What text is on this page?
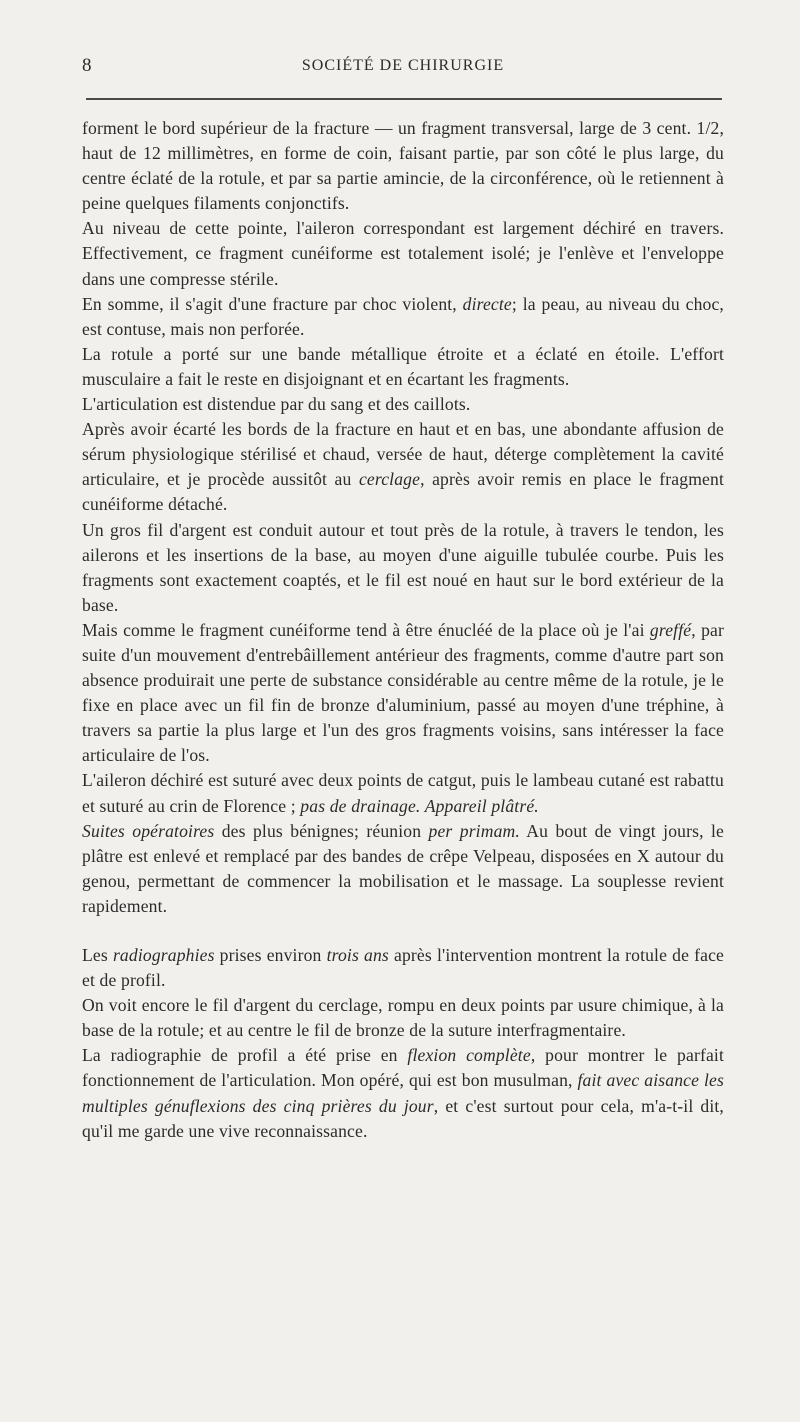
8	SOCIÉTÉ DE CHIRURGIE

forment le bord supérieur de la fracture — un fragment transversal, large de 3 cent. 1/2, haut de 12 millimètres, en forme de coin, faisant partie, par son côté le plus large, du centre éclaté de la rotule, et par sa partie amincie, de la circonférence, où le retiennent à peine quelques filaments conjonctifs.

Au niveau de cette pointe, l'aileron correspondant est largement déchiré en travers. Effectivement, ce fragment cunéiforme est totalement isolé; je l'enlève et l'enveloppe dans une compresse stérile.

En somme, il s'agit d'une fracture par choc violent, directe; la peau, au niveau du choc, est contuse, mais non perforée.

La rotule a porté sur une bande métallique étroite et a éclaté en étoile. L'effort musculaire a fait le reste en disjoignant et en écartant les fragments.

L'articulation est distendue par du sang et des caillots.

Après avoir écarté les bords de la fracture en haut et en bas, une abondante affusion de sérum physiologique stérilisé et chaud, versée de haut, déterge complètement la cavité articulaire, et je procède aussitôt au cerclage, après avoir remis en place le fragment cunéiforme détaché.

Un gros fil d'argent est conduit autour et tout près de la rotule, à travers le tendon, les ailerons et les insertions de la base, au moyen d'une aiguille tubulée courbe. Puis les fragments sont exactement coaptés, et le fil est noué en haut sur le bord extérieur de la base.

Mais comme le fragment cunéiforme tend à être énucléé de la place où je l'ai greffé, par suite d'un mouvement d'entrebâillement antérieur des fragments, comme d'autre part son absence produirait une perte de substance considérable au centre même de la rotule, je le fixe en place avec un fil fin de bronze d'aluminium, passé au moyen d'une tréphine, à travers sa partie la plus large et l'un des gros fragments voisins, sans intéresser la face articulaire de l'os.

L'aileron déchiré est suturé avec deux points de catgut, puis le lambeau cutané est rabattu et suturé au crin de Florence ; pas de drainage. Appareil plâtré.

Suites opératoires des plus bénignes; réunion per primam. Au bout de vingt jours, le plâtre est enlevé et remplacé par des bandes de crêpe Velpeau, disposées en X autour du genou, permettant de commencer la mobilisation et le massage. La souplesse revient rapidement.

Les radiographies prises environ trois ans après l'intervention montrent la rotule de face et de profil.

On voit encore le fil d'argent du cerclage, rompu en deux points par usure chimique, à la base de la rotule; et au centre le fil de bronze de la suture interfragmentaire.

La radiographie de profil a été prise en flexion complète, pour montrer le parfait fonctionnement de l'articulation. Mon opéré, qui est bon musulman, fait avec aisance les multiples génuflexions des cinq prières du jour, et c'est surtout pour cela, m'a-t-il dit, qu'il me garde une vive reconnaissance.
